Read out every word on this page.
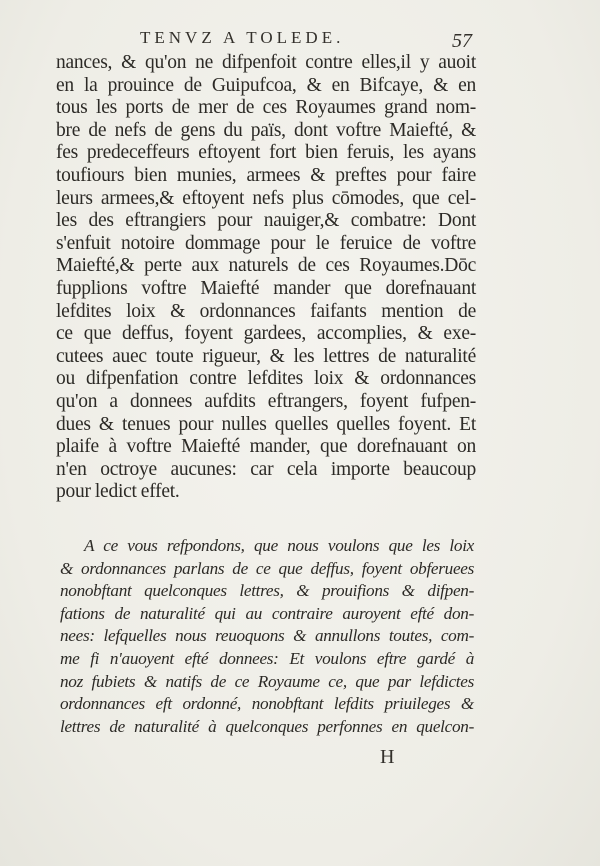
TENVZ A TOLEDE.	57
nances, & qu'on ne difpenfoit contre elles,il y auoit
en la prouince de Guipufcoa, & en Bifcaye, & en
tous les ports de mer de ces Royaumes grand nom-
bre de nefs de gens du païs, dont voftre Maiefté, &
fes predeceffeurs eftoyent fort bien feruis, les ayans
toufiours bien munies, armees & preftes pour faire
leurs armees,& eftoyent nefs plus cōmodes, que cel-
les des eftrangiers pour nauiger,& combatre: Dont
s'enfuit notoire dommage pour le feruice de voftre
Maiefté,& perte aux naturels de ces Royaumes.Dōc
fupplions voftre Maiefté mander que dorefnauant
lefdites loix & ordonnances faifants mention de
ce que deffus, foyent gardees, accomplies, & exe-
cutees auec toute rigueur, & les lettres de naturalité
ou difpenfation contre lefdites loix & ordonnances
qu'on a donnees aufdits eftrangers, foyent fufpen-
dues & tenues pour nulles quelles quelles foyent. Et
plaife à voftre Maiefté mander, que dorefnauant on
n'en octroye aucunes: car cela importe beaucoup
pour ledict effet.
A ce vous refpondons, que nous voulons que les loix
& ordonnances parlans de ce que deffus, foyent obferuees
nonobftant quelconques lettres, & prouifions & difpen-
fations de naturalité qui au contraire auroyent efté don-
nees: lefquelles nous reuoquons & annullons toutes, com-
me fi n'auoyent efté donnees: Et voulons eftre gardé à
noz fubiets & natifs de ce Royaume ce, que par lefdictes
ordonnances eft ordonné, nonobftant lefdits priuileges &
lettres de naturalité à quelconques perfonnes en quelcon-
H
